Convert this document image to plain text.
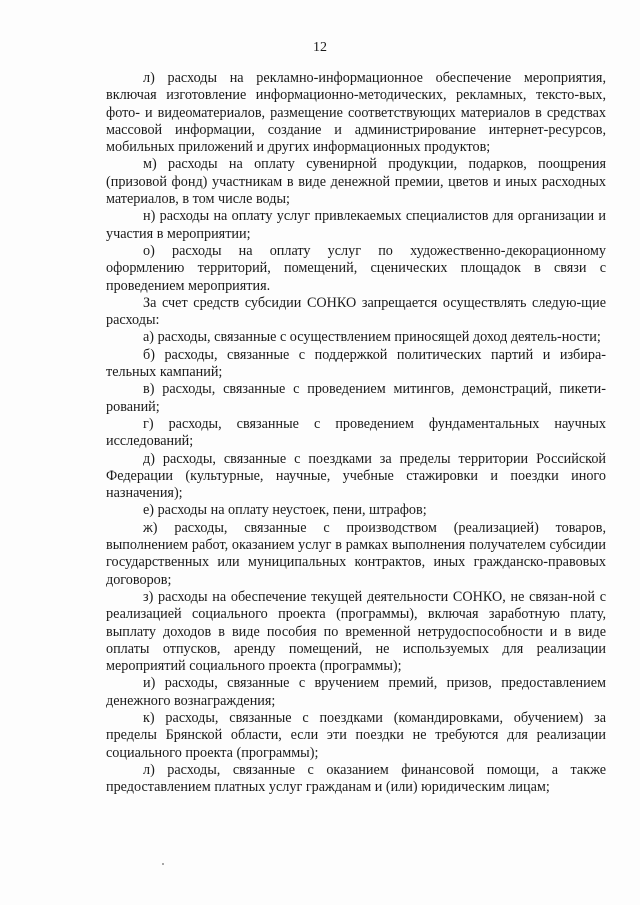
12

л) расходы на рекламно-информационное обеспечение мероприятия, включая изготовление информационно-методических, рекламных, тексто-вых, фото- и видеоматериалов, размещение соответствующих материалов в средствах массовой информации, создание и администрирование интернет-ресурсов, мобильных приложений и других информационных продуктов;

м) расходы на оплату сувенирной продукции, подарков, поощрения (призовой фонд) участникам в виде денежной премии, цветов и иных расходных материалов, в том числе воды;

н) расходы на оплату услуг привлекаемых специалистов для организации и участия в мероприятии;

о) расходы на оплату услуг по художественно-декорационному оформлению территорий, помещений, сценических площадок в связи с проведением мероприятия.

За счет средств субсидии СОНКО запрещается осуществлять следую-щие расходы:

а) расходы, связанные с осуществлением приносящей доход деятель-ности;

б) расходы, связанные с поддержкой политических партий и избира-тельных кампаний;

в) расходы, связанные с проведением митингов, демонстраций, пикети-рований;

г) расходы, связанные с проведением фундаментальных научных исследований;

д) расходы, связанные с поездками за пределы территории Российской Федерации (культурные, научные, учебные стажировки и поездки иного назначения);

е) расходы на оплату неустоек, пени, штрафов;

ж) расходы, связанные с производством (реализацией) товаров, выполнением работ, оказанием услуг в рамках выполнения получателем субсидии государственных или муниципальных контрактов, иных гражданско-правовых договоров;

з) расходы на обеспечение текущей деятельности СОНКО, не связан-ной с реализацией социального проекта (программы), включая заработную плату, выплату доходов в виде пособия по временной нетрудоспособности и в виде оплаты отпусков, аренду помещений, не используемых для реализации мероприятий социального проекта (программы);

и) расходы, связанные с вручением премий, призов, предоставлением денежного вознаграждения;

к) расходы, связанные с поездками (командировками, обучением) за пределы Брянской области, если эти поездки не требуются для реализации социального проекта (программы);

л) расходы, связанные с оказанием финансовой помощи, а также предоставлением платных услуг гражданам и (или) юридическим лицам;
